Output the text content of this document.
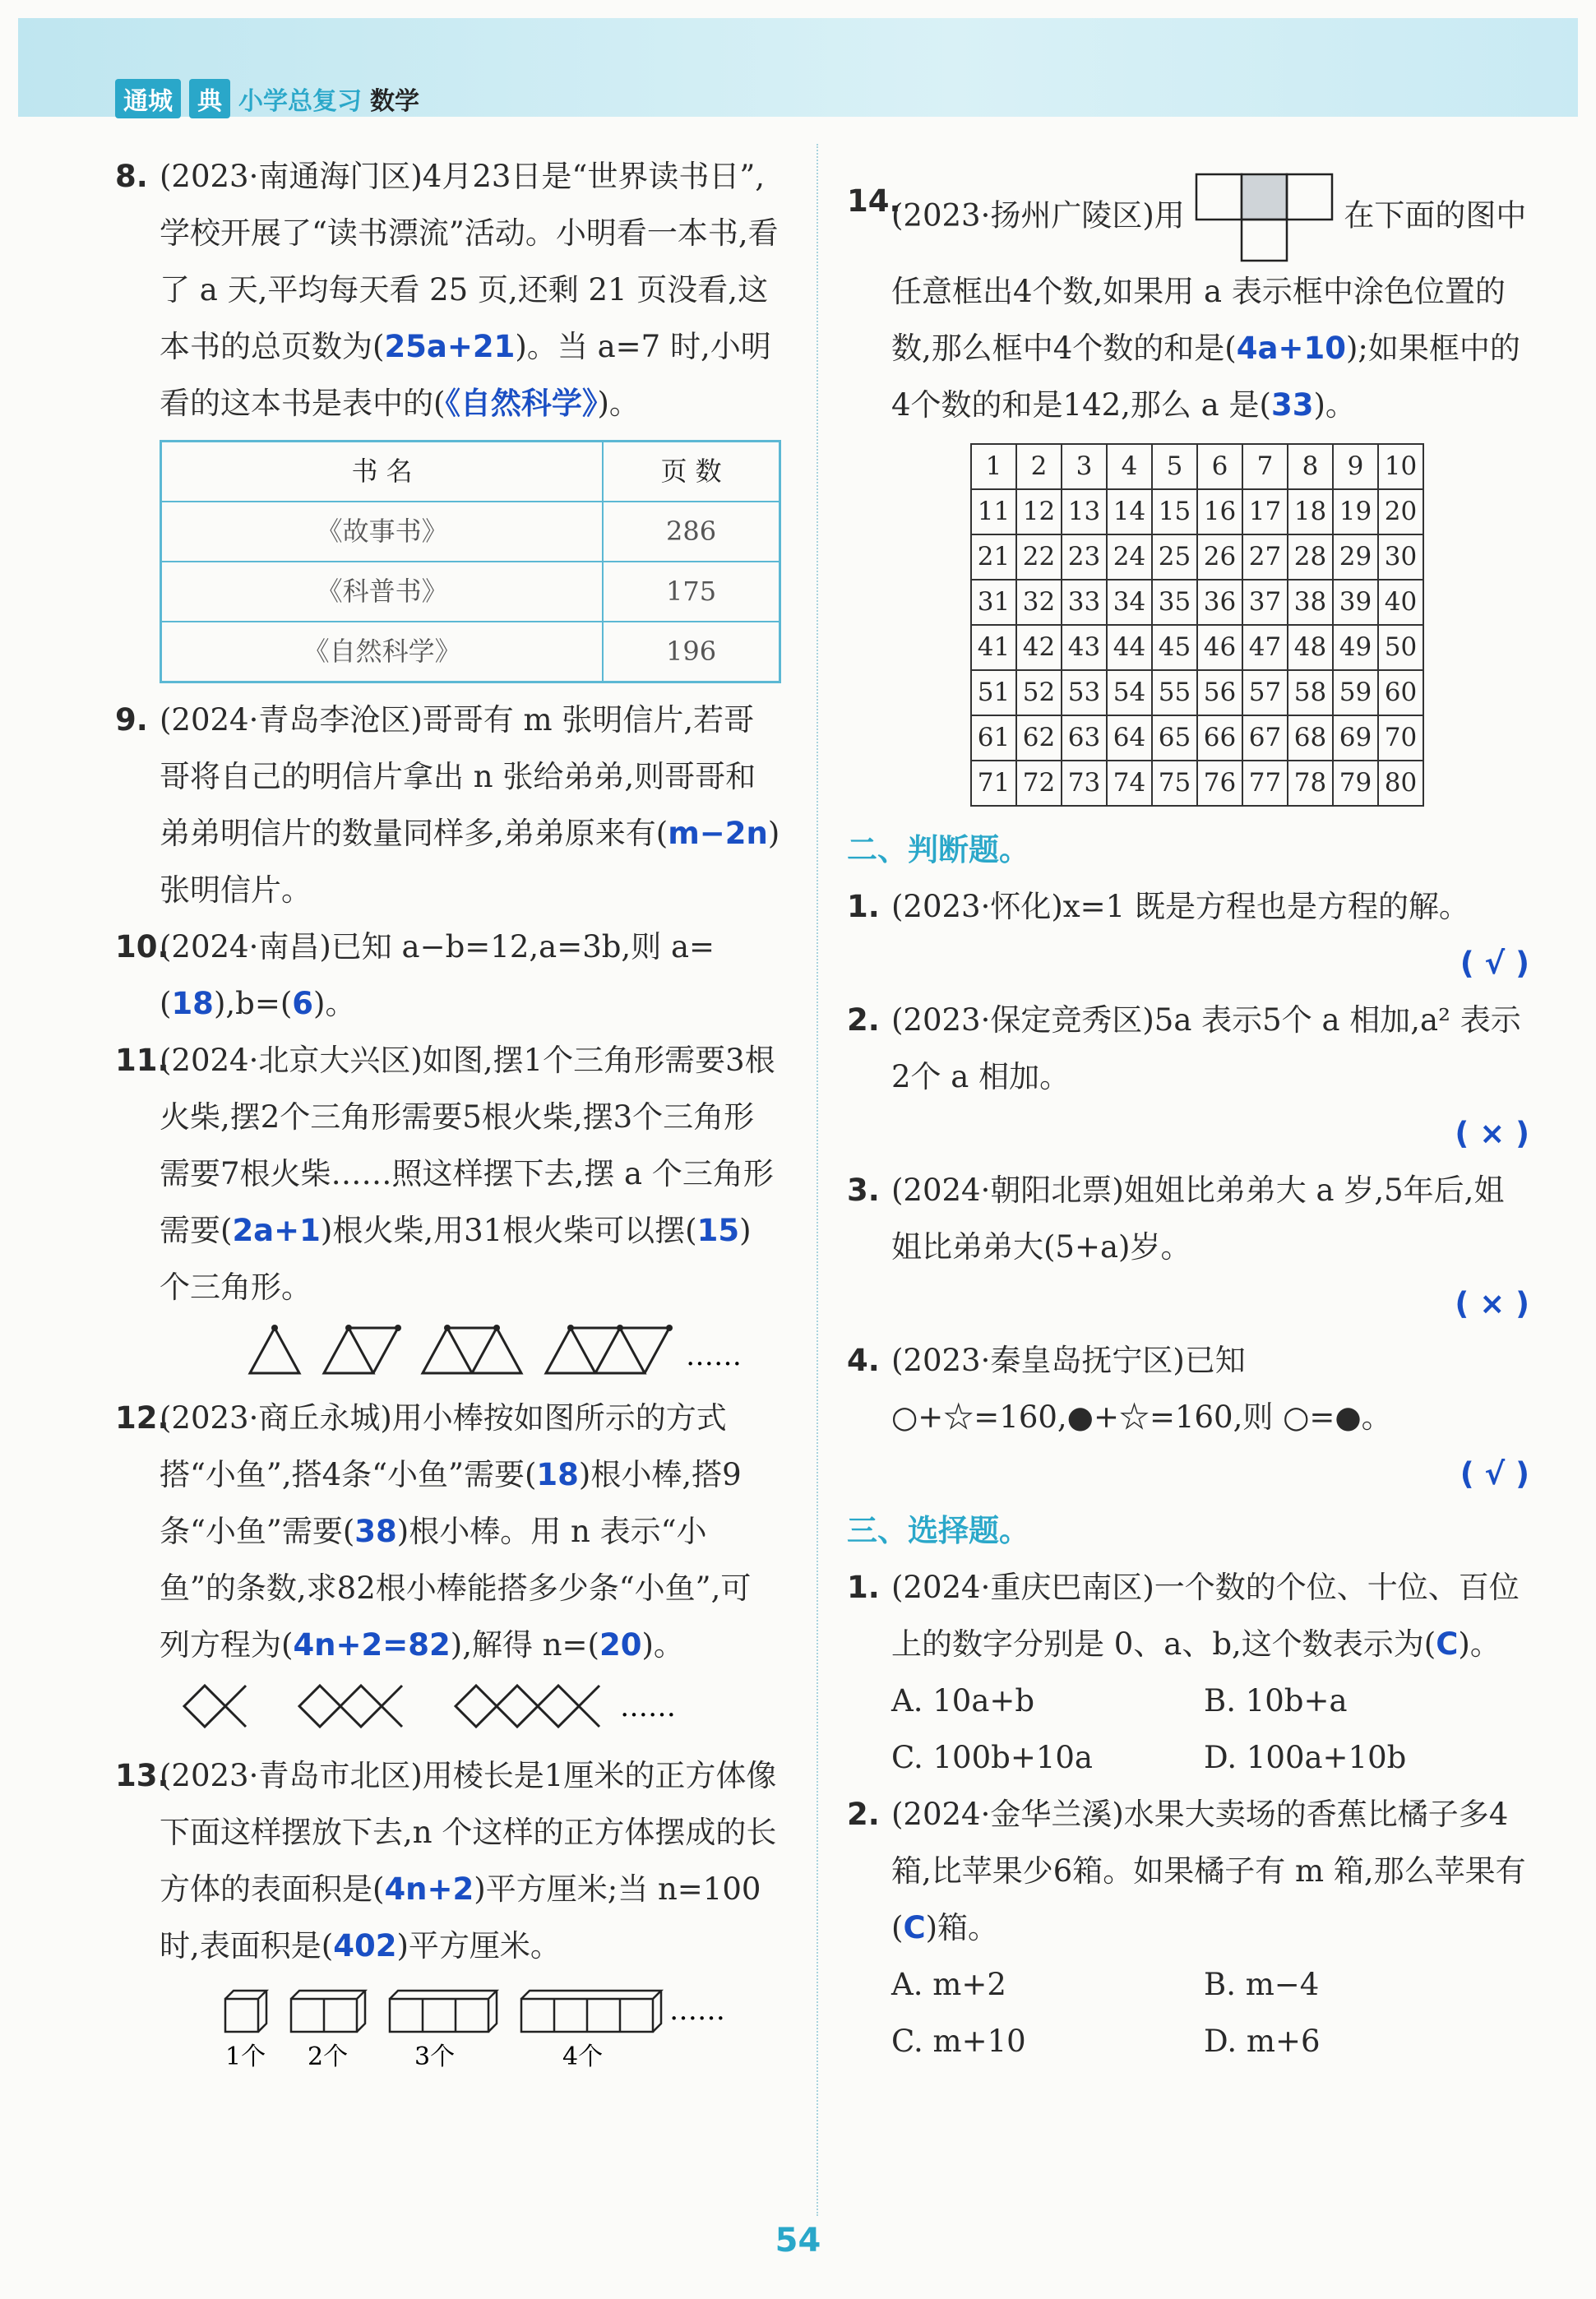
通城	典 小学总复习 数学
8. (2023·南通海门区)4月23日是“世界读书日”,学校开展了“读书漂流”活动。小明看一本书,看了 a 天,平均每天看 25 页,还剩 21 页没看,这本书的总页数为(25a+21)。当 a=7 时,小明看的这本书是表中的(《自然科学》)。
书 名	页 数
《故事书》	286
《科普书》	175
《自然科学》	196
9. (2024·青岛李沧区)哥哥有 m 张明信片,若哥哥将自己的明信片拿出 n 张给弟弟,则哥哥和弟弟明信片的数量同样多,弟弟原来有(m−2n)张明信片。
10.
(2024·南昌)已知 a−b=12,a=3b,则 a=(18),b=(6)。
11.
(2024·北京大兴区)如图,摆1个三角形需要3根火柴,摆2个三角形需要5根火柴,摆3个三角形需要7根火柴……照这样摆下去,摆 a 个三角形需要(2a+1)根火柴,用31根火柴可以摆(15)个三角形。
……
12.
(2023·商丘永城)用小棒按如图所示的方式搭“小鱼”,搭4条“小鱼”需要(18)根小棒,搭9条“小鱼”需要(38)根小棒。用 n 表示“小鱼”的条数,求82根小棒能搭多少条“小鱼”,可列方程为(4n+2=82),解得 n=(20)。
……
13.
(2023·青岛市北区)用棱长是1厘米的正方体像下面这样摆放下去,n 个这样的正方体摆成的长方体的表面积是(4n+2)平方厘米;当 n=100 时,表面积是(402)平方厘米。
……
1个 2个	3个	4个
14.
(2023·扬州广陵区)用	在下面的图中任意框出4个数,如果用 a 表示框中涂色位置的数,那么框中4个数的和是(4a+10);如果框中的4个数的和是142,那么 a 是(33)。
1	2	3	4	5	6	7	8	9	10
11	12	13	14	15	16	17	18	19	20
21	22	23	24	25	26	27	28	29	30
31	32	33	34	35	36	37	38	39	40
41	42	43	44	45	46	47	48	49	50
51	52	53	54	55	56	57	58	59	60
61	62	63	64	65	66	67	68	69	70
71	72	73	74	75	76	77	78	79	80
二、判断题。
1. (2023·怀化)x=1 既是方程也是方程的解。
( √ )
2. (2023·保定竞秀区)5a 表示5个 a 相加,a² 表示2个 a 相加。
( × )
3. (2024·朝阳北票)姐姐比弟弟大 a 岁,5年后,姐姐比弟弟大(5+a)岁。
( × )
4. (2023·秦皇岛抚宁区)已知 ○+☆=160,●+☆=160,则 ○=●。
( √ )
三、选择题。
1. (2024·重庆巴南区)一个数的个位、十位、百位上的数字分别是 0、a、b,这个数表示为(C)。
A. 10a+b	B. 10b+a
C. 100b+10a	D. 100a+10b
2. (2024·金华兰溪)水果大卖场的香蕉比橘子多4箱,比苹果少6箱。如果橘子有 m 箱,那么苹果有(C)箱。
A. m+2	B. m−4
C. m+10	D. m+6
54
